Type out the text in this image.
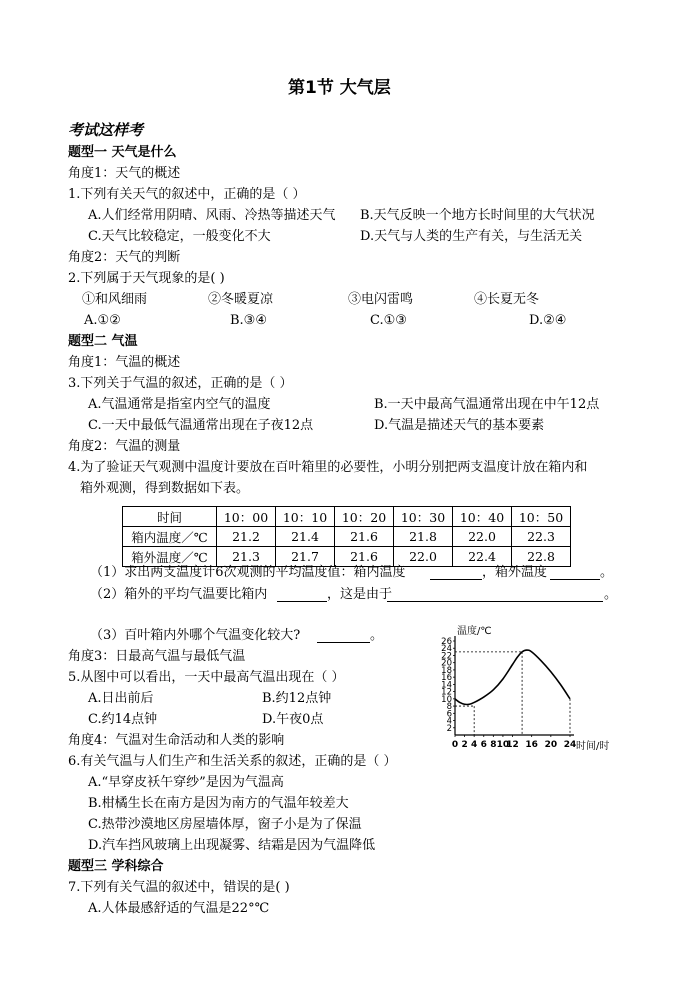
第1节 大气层
考试这样考
题型一 天气是什么
角度1：天气的概述
1.下列有关天气的叙述中，正确的是（ ）
A.人们经常用阴晴、风雨、冷热等描述天气 B.天气反映一个地方长时间里的大气状况
C.天气比较稳定，一般变化不大	D.天气与人类的生产有关，与生活无关
角度2：天气的判断
2.下列属于天气现象的是( )
①和风细雨	②冬暖夏凉	③电闪雷鸣	④长夏无冬
A.①②	B.③④	C.①③	D.②④
题型二 气温
角度1：气温的概述
3.下列关于气温的叙述，正确的是（ ）
A.气温通常是指室内空气的温度	B.一天中最高气温通常出现在中午12点
C.一天中最低气温通常出现在子夜12点	D.气温是描述天气的基本要素
角度2：气温的测量
4.为了验证天气观测中温度计要放在百叶箱里的必要性，小明分别把两支温度计放在箱内和
箱外观测，得到数据如下表。
（1）求出两支温度计6次观测的平均温度值：箱内温度	，箱外温度	。
（2）箱外的平均气温要比箱内	，这是由于	。
（3）百叶箱内外哪个气温变化较大?	。
角度3：日最高气温与最低气温
5.从图中可以看出，一天中最高气温出现在（ ）
A.日出前后	B.约12点钟
C.约14点钟	D.午夜0点
角度4：气温对生命活动和人类的影响
6.有关气温与人们生产和生活关系的叙述，正确的是（ ）
A.“早穿皮袄午穿纱”是因为气温高
B.柑橘生长在南方是因为南方的气温年较差大
C.热带沙漠地区房屋墙体厚，窗子小是为了保温
D.汽车挡风玻璃上出现凝雾、结霜是因为气温降低
题型三 学科综合
7.下列有关气温的叙述中，错误的是( )
A.人体最感舒适的气温是22°℃
时间	10：00	10：10	10：20	10：30	10：40	10：50
箱内温度／℃	21.2	21.4	21.6	21.8	22.0	22.3
箱外温度／℃	21.3	21.7	21.6	22.0	22.4	22.8
温度/℃
时间/时
2
4
6
8
10
12
14
16
18
20
22
24
26
0 2 4 6 8 10
12 16 20 24
